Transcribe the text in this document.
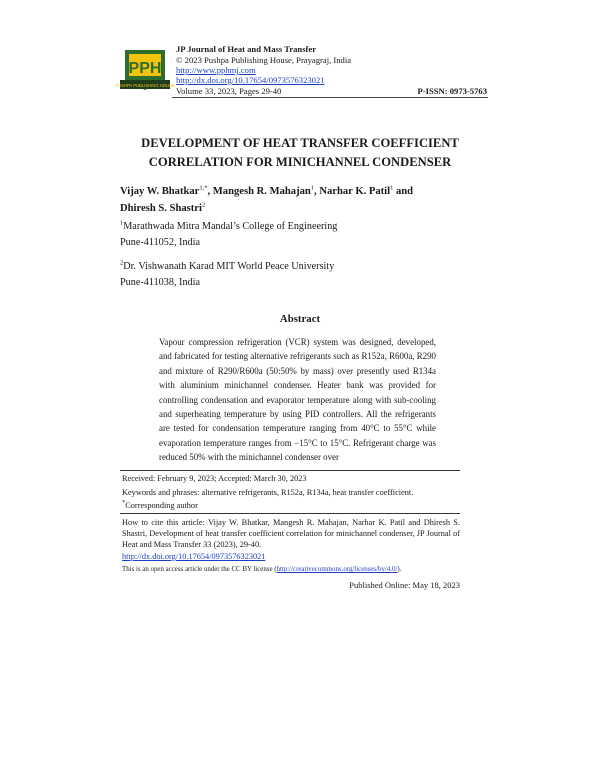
PPH
PUSHPA PUBLISHING HOUSE
JP Journal of Heat and Mass Transfer
© 2023 Pushpa Publishing House, Prayagraj, India
http://www.pphmj.com
http://dx.doi.org/10.17654/0973576323021
Volume 33, 2023, Pages 29-40	P-ISSN: 0973-5763
DEVELOPMENT OF HEAT TRANSFER COEFFICIENT
CORRELATION FOR MINICHANNEL CONDENSER
Vijay W. Bhatkar$^{1,*}$, Mangesh R. Mahajan$^1$, Narhar K. Patil$^1$ and
Dhiresh S. Shastri$^2$
$^1$Marathwada Mitra Mandal’s College of Engineering
Pune-411052, India
$^2$Dr. Vishwanath Karad MIT World Peace University
Pune-411038, India
Abstract
Vapour compression refrigeration (VCR) system was designed, developed, and fabricated for testing alternative refrigerants such as R152a, R600a, R290 and mixture of R290/R600a (50:50% by mass) over presently used R134a with aluminium minichannel condenser. Heater bank was provided for controlling condensation and evaporator temperature along with sub-cooling and superheating temperature by using PID controllers. All the refrigerants are tested for condensation temperature ranging from 40°C to 55°C while evaporation temperature ranges from −15°C to 15°C. Refrigerant charge was reduced 50% with the minichannel condenser over
Received: February 9, 2023; Accepted: March 30, 2023
Keywords and phrases: alternative refrigerants, R152a, R134a, heat transfer coefficient.
*Corresponding author
How to cite this article: Vijay W. Bhatkar, Mangesh R. Mahajan, Narhar K. Patil and Dhiresh S. Shastri, Development of heat transfer coefficient correlation for minichannel condenser, JP Journal of Heat and Mass Transfer 33 (2023), 29-40.
http://dx.doi.org/10.17654/0973576323021
This is an open access article under the CC BY license (http://creativecommons.org/licenses/by/4.0/).
Published Online: May 18, 2023
